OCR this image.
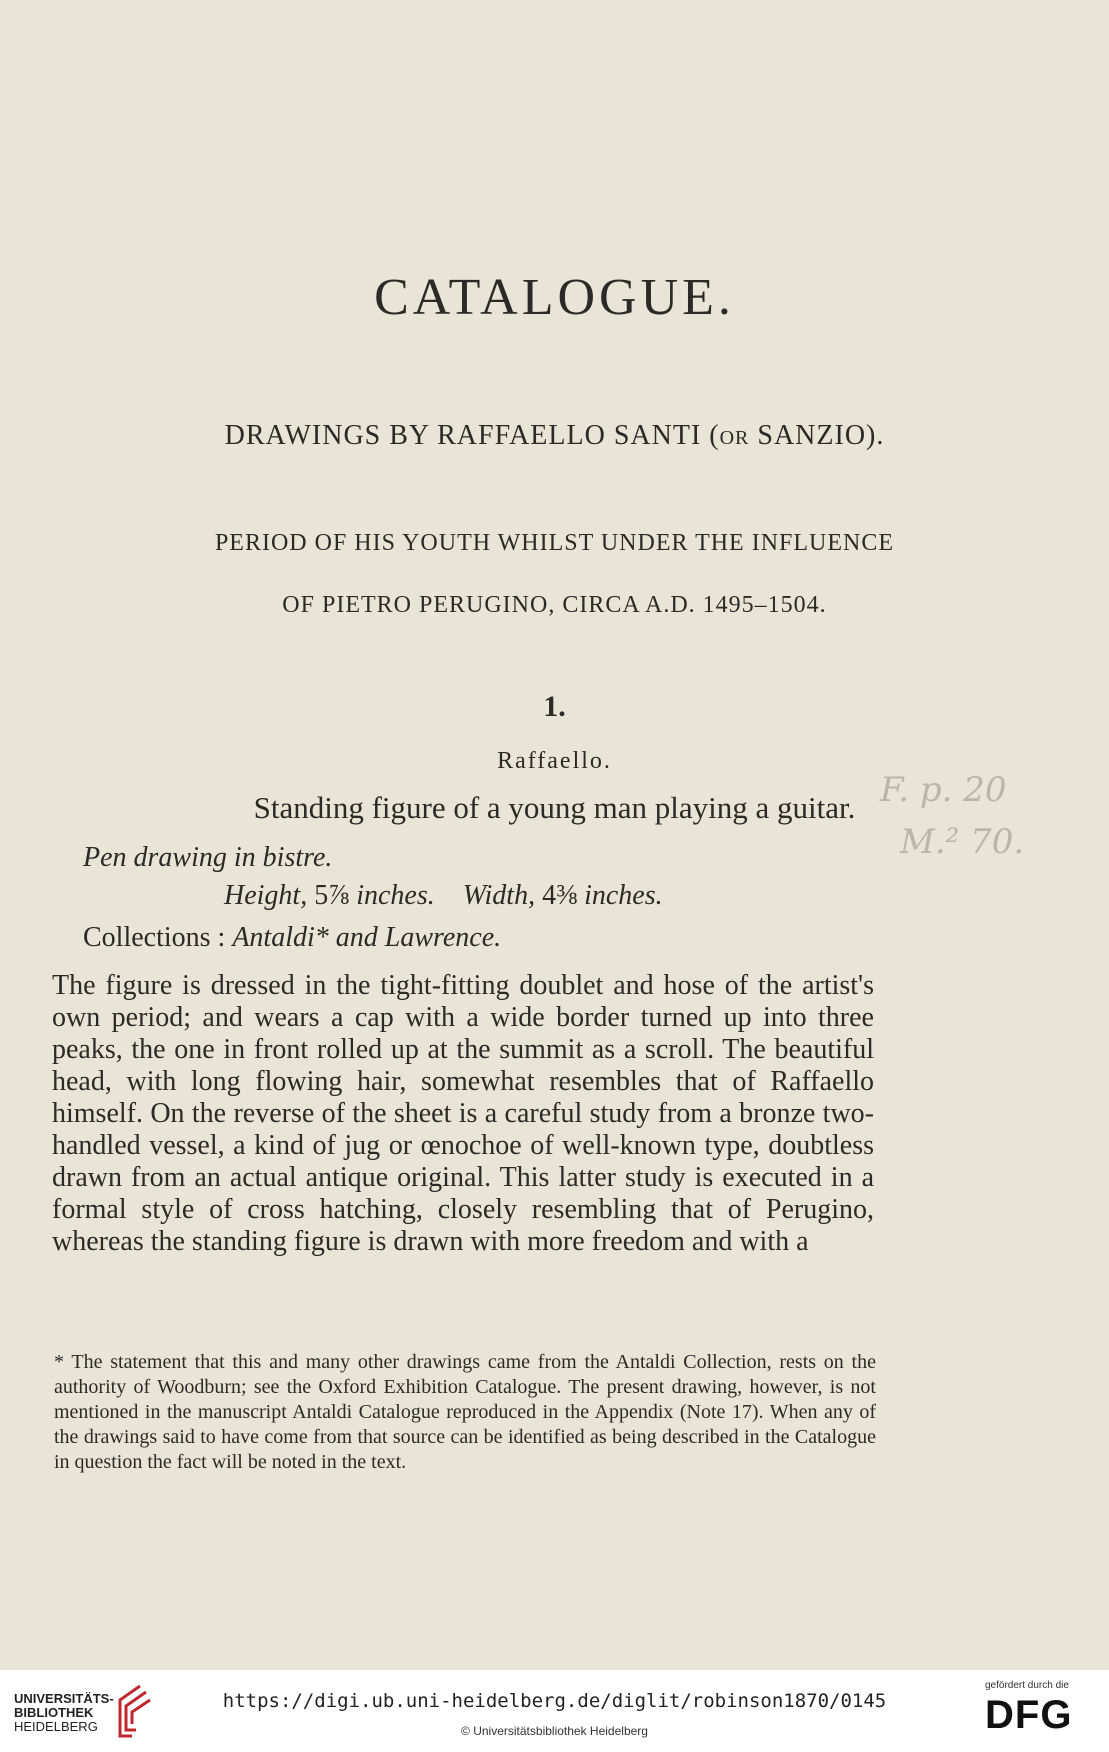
CATALOGUE.
DRAWINGS BY RAFFAELLO SANTI (OR SANZIO).
PERIOD OF HIS YOUTH WHILST UNDER THE INFLUENCE
OF PIETRO PERUGINO, CIRCA A.D. 1495–1504.
1.
Raffaello.
Standing figure of a young man playing a guitar.
Pen drawing in bistre.
Height, 5⅞ inches. Width, 4⅜ inches.
Collections : Antaldi* and Lawrence.
The figure is dressed in the tight-fitting doublet and hose of the artist's own period; and wears a cap with a wide border turned up into three peaks, the one in front rolled up at the summit as a scroll. The beautiful head, with long flowing hair, somewhat resembles that of Raffaello himself. On the reverse of the sheet is a careful study from a bronze two-handled vessel, a kind of jug or œnochoe of well-known type, doubtless drawn from an actual antique original. This latter study is executed in a formal style of cross hatching, closely resembling that of Perugino, whereas the standing figure is drawn with more freedom and with a
* The statement that this and many other drawings came from the Antaldi Collection, rests on the authority of Woodburn; see the Oxford Exhibition Catalogue. The present drawing, however, is not mentioned in the manuscript Antaldi Catalogue reproduced in the Appendix (Note 17). When any of the drawings said to have come from that source can be identified as being described in the Catalogue in question the fact will be noted in the text.
F. p. 20
M.² 70.
UNIVERSITÄTS-
BIBLIOTHEK
HEIDELBERG
https://digi.ub.uni-heidelberg.de/diglit/robinson1870/0145
© Universitätsbibliothek Heidelberg
gefördert durch die
DFG
